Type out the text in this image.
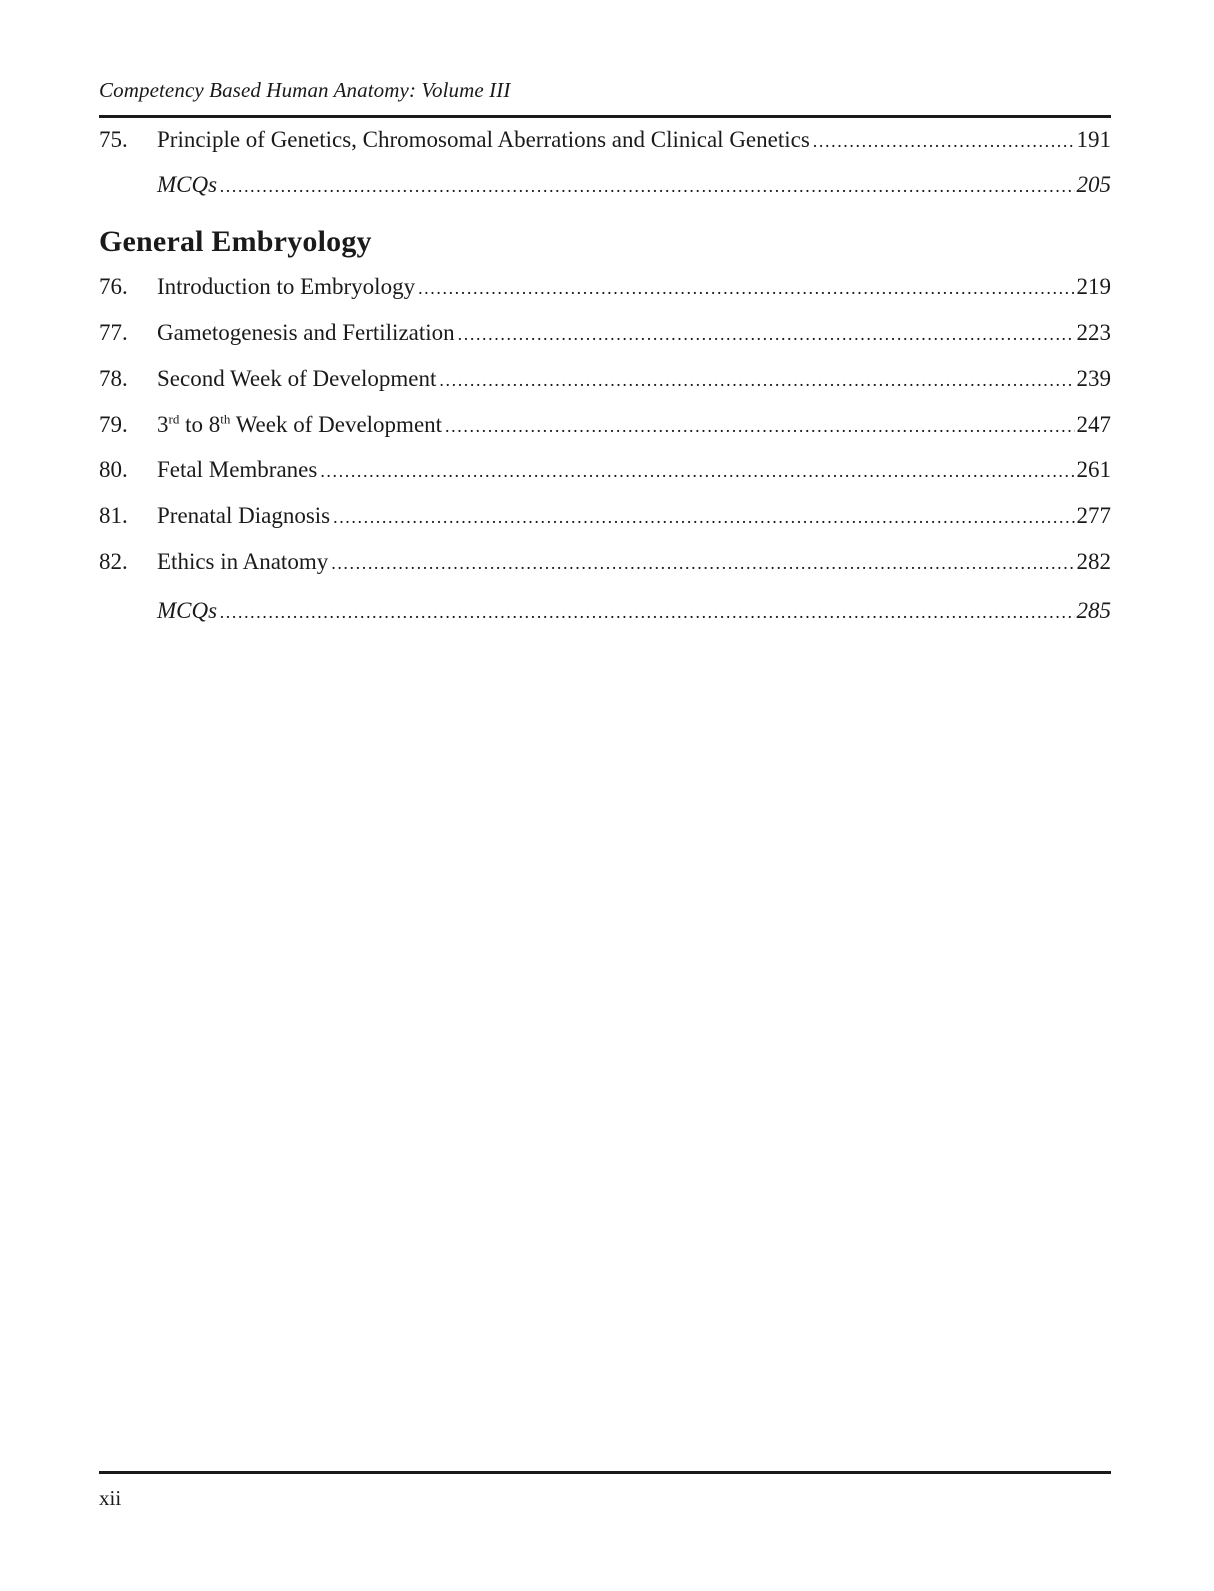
Competency Based Human Anatomy: Volume III
75.	Principle of Genetics, Chromosomal Aberrations and Clinical Genetics .....	191
MCQs .....	205
76.	Introduction to Embryology .....	219
77.	Gametogenesis and Fertilization .....	223
78.	Second Week of Development .....	239
79.	3rd to 8th Week of Development .....	247
80.	Fetal Membranes .....	261
81.	Prenatal Diagnosis .....	277
82.	Ethics in Anatomy .....	282
MCQs .....	285
General Embryology
xii
